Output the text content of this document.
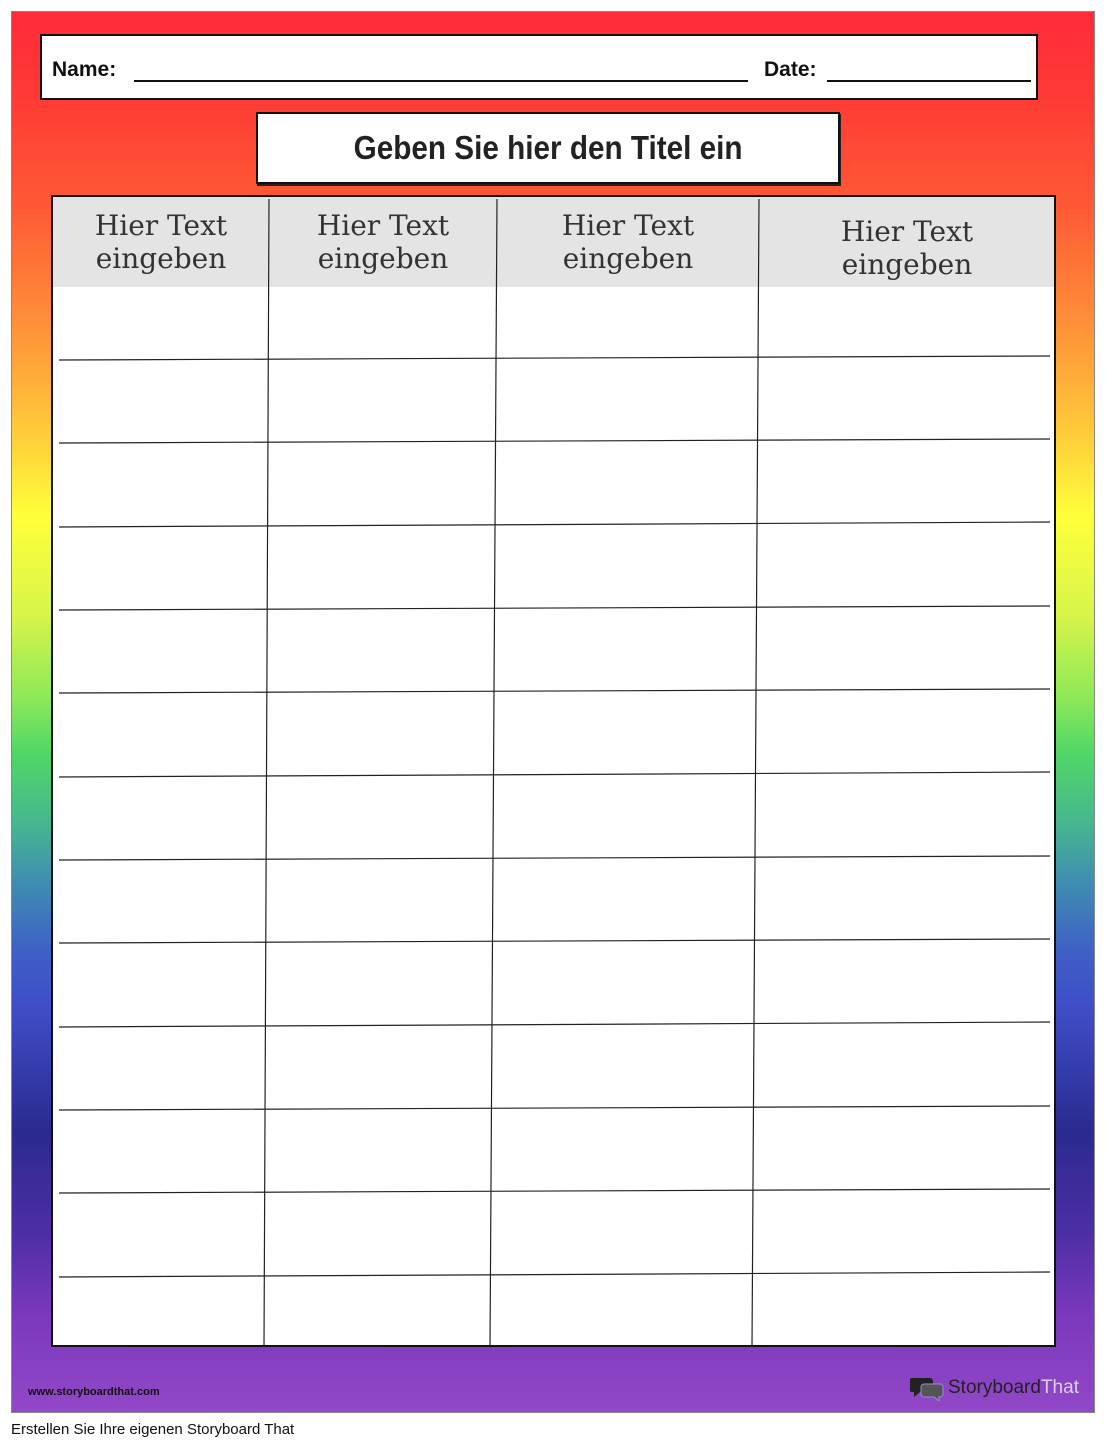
Name:	Date:
Geben Sie hier den Titel ein
Hier Text
eingeben
Hier Text
eingeben
Hier Text
eingeben
Hier Text
eingeben
www.storyboardthat.com	StoryboardThat
Erstellen Sie Ihre eigenen Storyboard That
